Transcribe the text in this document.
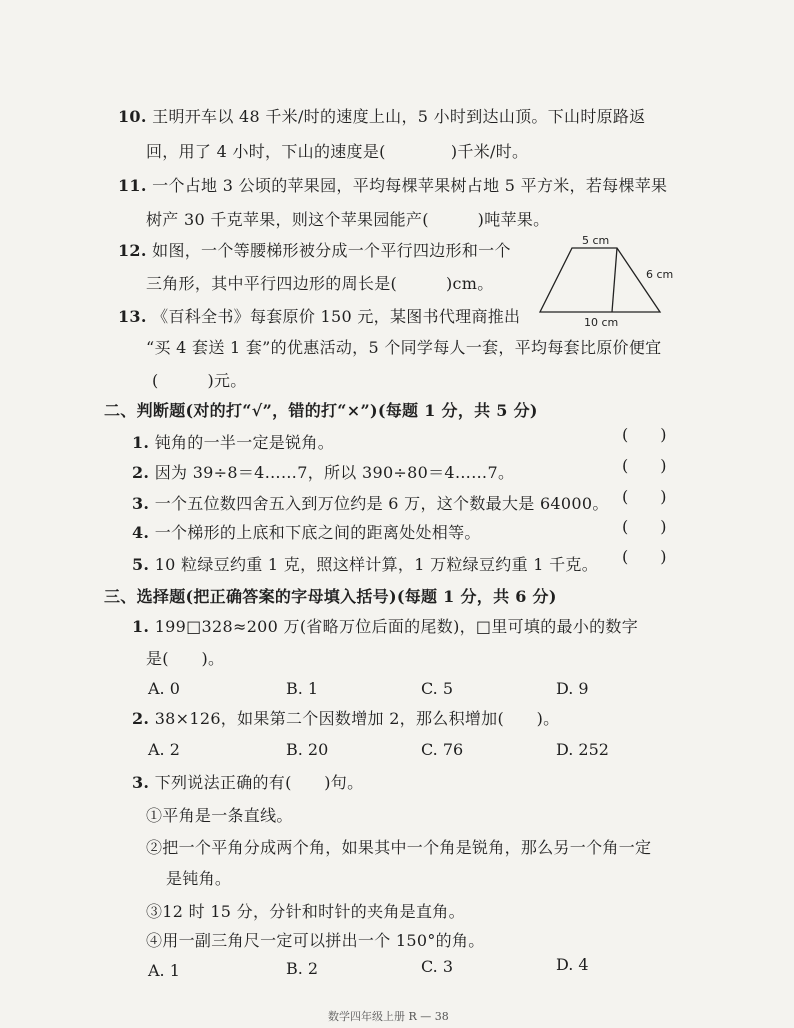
10. 王明开车以 48 千米/时的速度上山，5 小时到达山顶。下山时原路返
回，用了 4 小时，下山的速度是(　　　　)千米/时。
11. 一个占地 3 公顷的苹果园，平均每棵苹果树占地 5 平方米，若每棵苹果
树产 30 千克苹果，则这个苹果园能产(　　　)吨苹果。
12. 如图，一个等腰梯形被分成一个平行四边形和一个
三角形，其中平行四边形的周长是(　　　)cm。
5 cm
6 cm
10 cm
13. 《百科全书》每套原价 150 元，某图书代理商推出
“买 4 套送 1 套”的优惠活动，5 个同学每人一套，平均每套比原价便宜
(　　　)元。
二、判断题(对的打“√”，错的打“×”)(每题 1 分，共 5 分)
1. 钝角的一半一定是锐角。	(　　)
2. 因为 39÷8＝4……7，所以 390÷80＝4……7。	(　　)
3. 一个五位数四舍五入到万位约是 6 万，这个数最大是 64000。 (　　)
4. 一个梯形的上底和下底之间的距离处处相等。	(　　)
5. 10 粒绿豆约重 1 克，照这样计算，1 万粒绿豆约重 1 千克。 (　　)
三、选择题(把正确答案的字母填入括号)(每题 1 分，共 6 分)
1. 199□328≈200 万(省略万位后面的尾数)，□里可填的最小的数字
是(　　)。
A. 0	B. 1	C. 5	D. 9
2. 38×126，如果第二个因数增加 2，那么积增加(　　)。
A. 2	B. 20	C. 76	D. 252
3. 下列说法正确的有(　　)句。
①平角是一条直线。
②把一个平角分成两个角，如果其中一个角是锐角，那么另一个角一定
是钝角。
③12 时 15 分，分针和时针的夹角是直角。
④用一副三角尺一定可以拼出一个 150°的角。
A. 1	B. 2	C. 3	D. 4
数学四年级上册 R — 38
